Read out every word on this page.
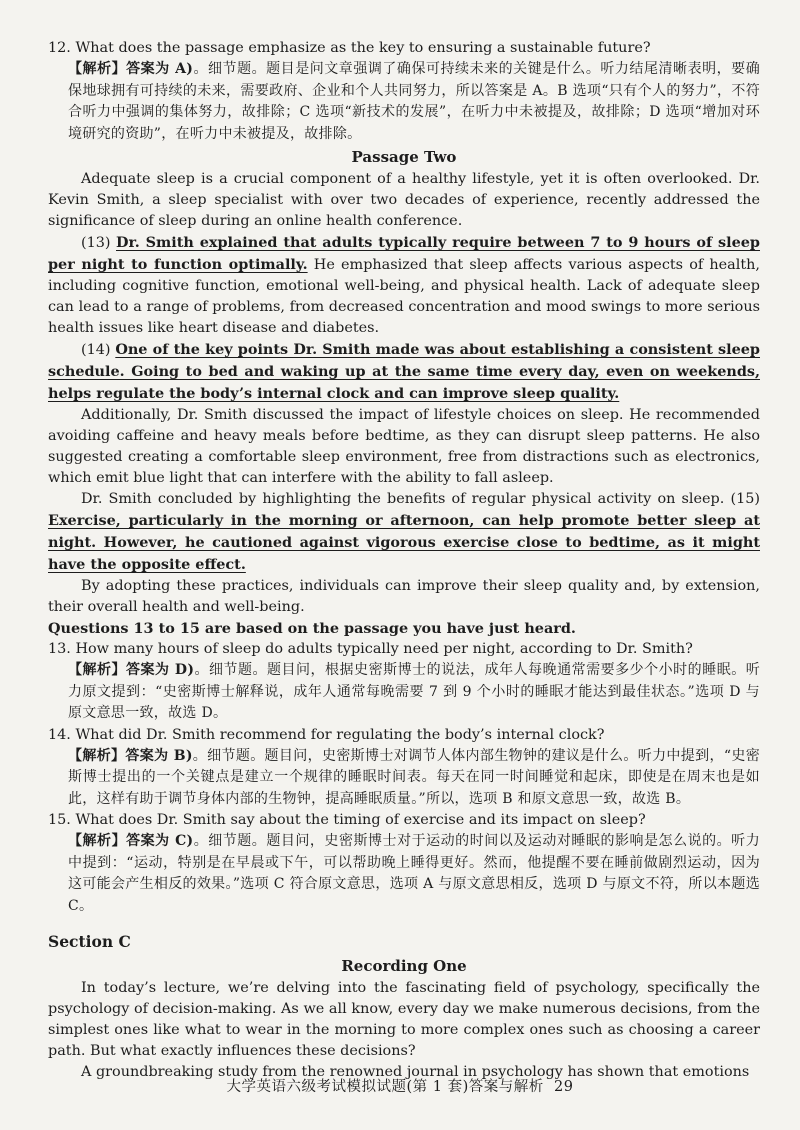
12. What does the passage emphasize as the key to ensuring a sustainable future?

【解析】答案为 A)。细节题。题目是问文章强调了确保可持续未来的关键是什么。听力结尾清晰表明，要确保地球拥有可持续的未来，需要政府、企业和个人共同努力，所以答案是 A。B 选项“只有个人的努力”，不符合听力中强调的集体努力，故排除；C 选项“新技术的发展”，在听力中未被提及，故排除；D 选项“增加对环境研究的资助”，在听力中未被提及，故排除。

Passage Two

Adequate sleep is a crucial component of a healthy lifestyle, yet it is often overlooked. Dr. Kevin Smith, a sleep specialist with over two decades of experience, recently addressed the significance of sleep during an online health conference.

(13) Dr. Smith explained that adults typically require between 7 to 9 hours of sleep per night to function optimally. He emphasized that sleep affects various aspects of health, including cognitive function, emotional well-being, and physical health. Lack of adequate sleep can lead to a range of problems, from decreased concentration and mood swings to more serious health issues like heart disease and diabetes.

(14) One of the key points Dr. Smith made was about establishing a consistent sleep schedule. Going to bed and waking up at the same time every day, even on weekends, helps regulate the body’s internal clock and can improve sleep quality.

Additionally, Dr. Smith discussed the impact of lifestyle choices on sleep. He recommended avoiding caffeine and heavy meals before bedtime, as they can disrupt sleep patterns. He also suggested creating a comfortable sleep environment, free from distractions such as electronics, which emit blue light that can interfere with the ability to fall asleep.

Dr. Smith concluded by highlighting the benefits of regular physical activity on sleep. (15) Exercise, particularly in the morning or afternoon, can help promote better sleep at night. However, he cautioned against vigorous exercise close to bedtime, as it might have the opposite effect.

By adopting these practices, individuals can improve their sleep quality and, by extension, their overall health and well-being.

Questions 13 to 15 are based on the passage you have just heard.

13. How many hours of sleep do adults typically need per night, according to Dr. Smith?

【解析】答案为 D)。细节题。题目问，根据史密斯博士的说法，成年人每晚通常需要多少个小时的睡眠。听力原文提到：“史密斯博士解释说，成年人通常每晚需要 7 到 9 个小时的睡眠才能达到最佳状态。”选项 D 与原文意思一致，故选 D。

14. What did Dr. Smith recommend for regulating the body’s internal clock?

【解析】答案为 B)。细节题。题目问，史密斯博士对调节人体内部生物钟的建议是什么。听力中提到，“史密斯博士提出的一个关键点是建立一个规律的睡眠时间表。每天在同一时间睡觉和起床，即使是在周末也是如此，这样有助于调节身体内部的生物钟，提高睡眠质量。”所以，选项 B 和原文意思一致，故选 B。

15. What does Dr. Smith say about the timing of exercise and its impact on sleep?

【解析】答案为 C)。细节题。题目问，史密斯博士对于运动的时间以及运动对睡眠的影响是怎么说的。听力中提到：“运动，特别是在早晨或下午，可以帮助晚上睡得更好。然而，他提醒不要在睡前做剧烈运动，因为这可能会产生相反的效果。”选项 C 符合原文意思，选项 A 与原文意思相反，选项 D 与原文不符，所以本题选 C。

Section C
Recording One

In today’s lecture, we’re delving into the fascinating field of psychology, specifically the psychology of decision-making. As we all know, every day we make numerous decisions, from the simplest ones like what to wear in the morning to more complex ones such as choosing a career path. But what exactly influences these decisions?

A groundbreaking study from the renowned journal in psychology has shown that emotions

大学英语六级考试模拟试题(第 1 套)答案与解析 29
